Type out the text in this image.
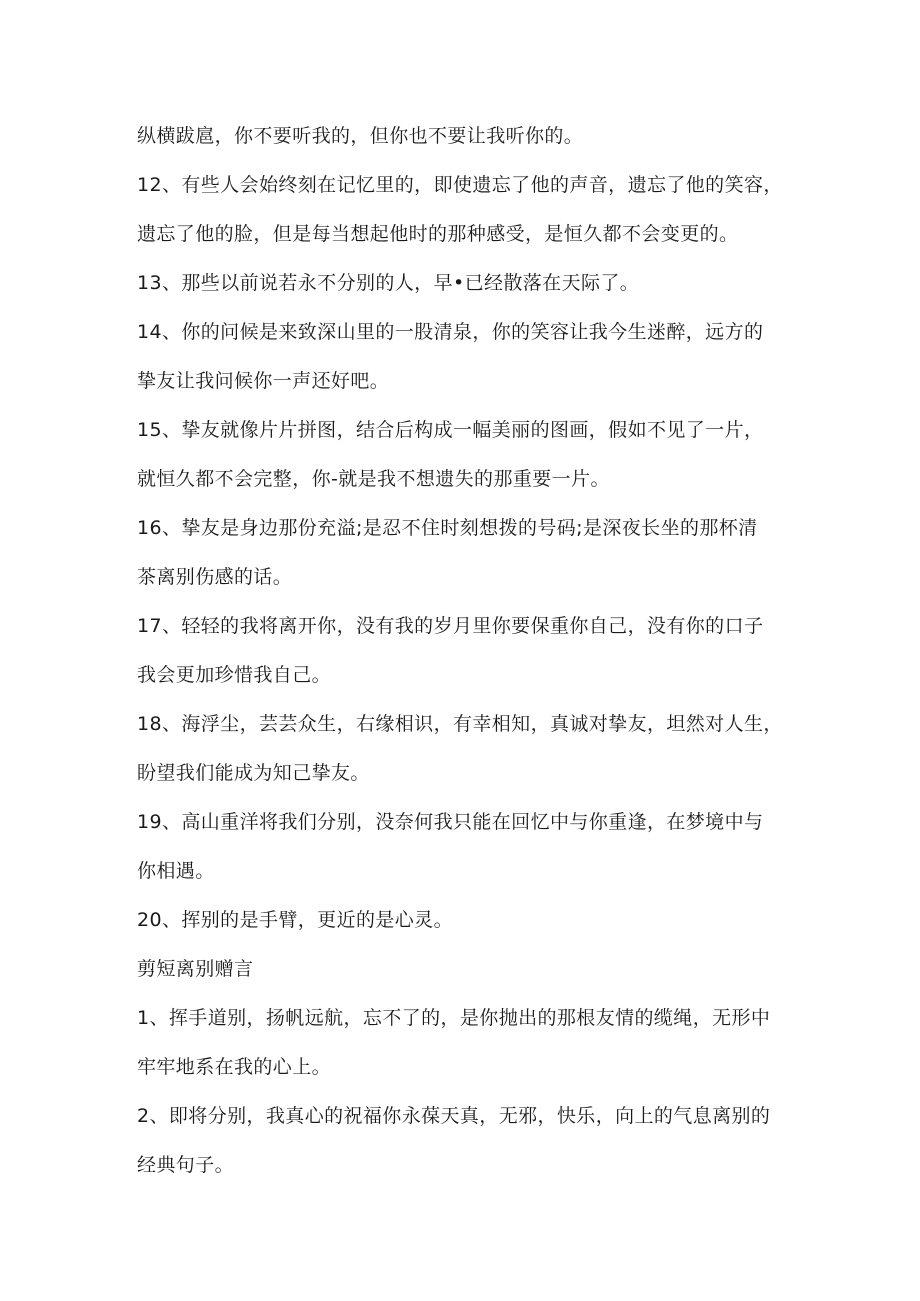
纵横跋扈，你不要听我的，但你也不要让我听你的。
12、有些人会始终刻在记忆里的，即使遗忘了他的声音，遗忘了他的笑容，
遗忘了他的脸，但是每当想起他时的那种感受，是恒久都不会变更的。
13、那些以前说若永不分别的人，早•已经散落在天际了。
14、你的问候是来致深山里的一股清泉，你的笑容让我今生迷醉，远方的
挚友让我问候你一声还好吧。
15、挚友就像片片拼图，结合后构成一幅美丽的图画，假如不见了一片，
就恒久都不会完整，你-就是我不想遗失的那重要一片。
16、挚友是身边那份充溢;是忍不住时刻想拨的号码;是深夜长坐的那杯清
茶离别伤感的话。
17、轻轻的我将离开你，没有我的岁月里你要保重你自己，没有你的口子
我会更加珍惜我自己。
18、海浮尘，芸芸众生，右缘相识，有幸相知，真诚对挚友，坦然对人生，
盼望我们能成为知己挚友。
19、高山重洋将我们分别，没奈何我只能在回忆中与你重逢，在梦境中与
你相遇。
20、挥别的是手臂，更近的是心灵。
剪短离别赠言
1、挥手道别，扬帆远航，忘不了的，是你抛出的那根友情的缆绳，无形中
牢牢地系在我的心上。
2、即将分别，我真心的祝福你永葆天真，无邪，快乐，向上的气息离别的
经典句子。
